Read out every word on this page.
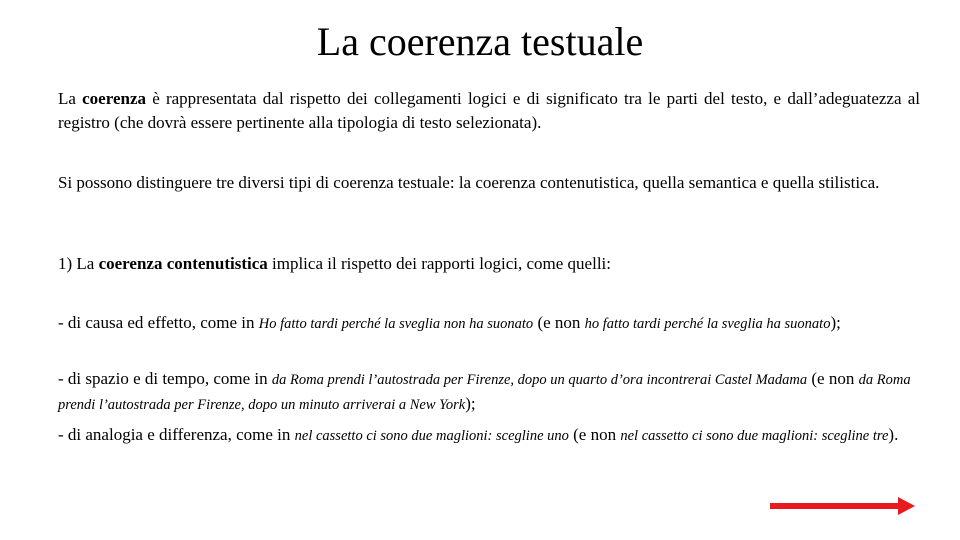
La coerenza testuale

La coerenza è rappresentata dal rispetto dei collegamenti logici e di significato tra le parti del testo, e dall’adeguatezza al registro (che dovrà essere pertinente alla tipologia di testo selezionata).

Si possono distinguere tre diversi tipi di coerenza testuale: la coerenza contenutistica, quella semantica e quella stilistica.

1) La coerenza contenutistica implica il rispetto dei rapporti logici, come quelli:

- di causa ed effetto, come in Ho fatto tardi perché la sveglia non ha suonato (e non ho fatto tardi perché la sveglia ha suonato);

- di spazio e di tempo, come in da Roma prendi l’autostrada per Firenze, dopo un quarto d’ora incontrerai Castel Madama (e non da Roma prendi l’autostrada per Firenze, dopo un minuto arriverai a New York);

- di analogia e differenza, come in nel cassetto ci sono due maglioni: scegline uno (e non nel cassetto ci sono due maglioni: scegline tre).
